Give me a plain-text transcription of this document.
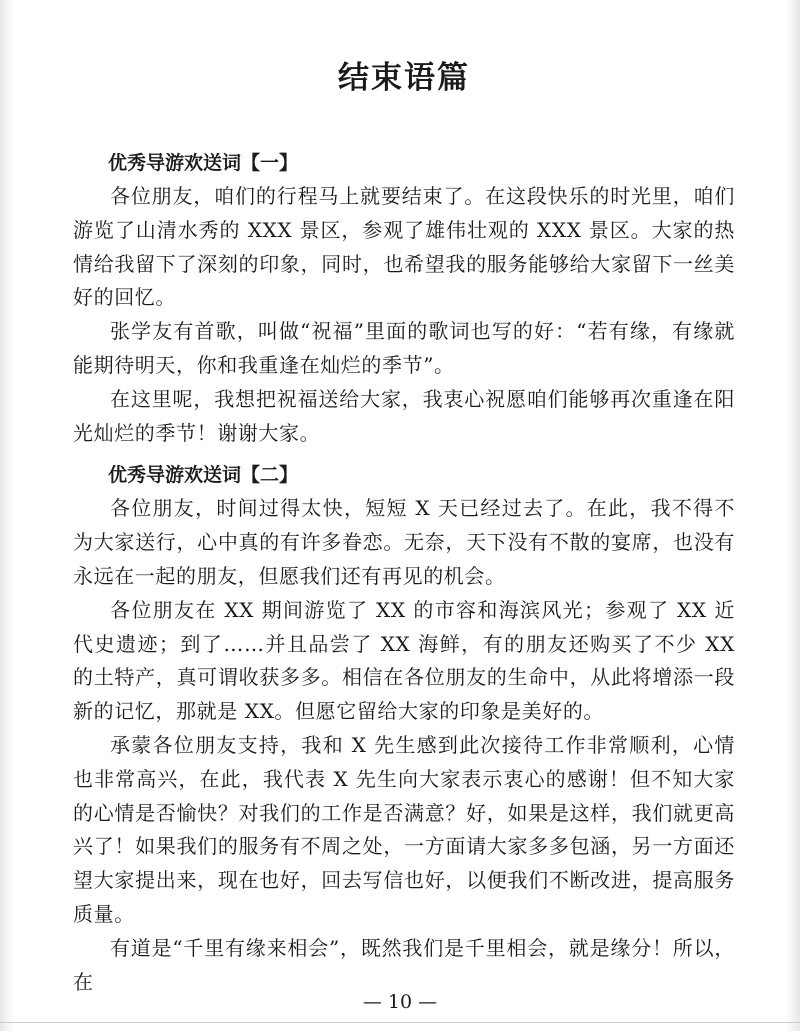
结束语篇
优秀导游欢送词【一】

各位朋友，咱们的行程马上就要结束了。在这段快乐的时光里，咱们游览了山清水秀的 XXX 景区，参观了雄伟壮观的 XXX 景区。大家的热情给我留下了深刻的印象，同时，也希望我的服务能够给大家留下一丝美好的回忆。

张学友有首歌，叫做“祝福”里面的歌词也写的好：“若有缘，有缘就能期待明天，你和我重逢在灿烂的季节”。

在这里呢，我想把祝福送给大家，我衷心祝愿咱们能够再次重逢在阳光灿烂的季节！谢谢大家。

优秀导游欢送词【二】

各位朋友，时间过得太快，短短 X 天已经过去了。在此，我不得不为大家送行，心中真的有许多眷恋。无奈，天下没有不散的宴席，也没有永远在一起的朋友，但愿我们还有再见的机会。

各位朋友在 XX 期间游览了 XX 的市容和海滨风光；参观了 XX 近代史遗迹；到了……并且品尝了 XX 海鲜，有的朋友还购买了不少 XX 的土特产，真可谓收获多多。相信在各位朋友的生命中，从此将增添一段新的记忆，那就是 XX。但愿它留给大家的印象是美好的。

承蒙各位朋友支持，我和 X 先生感到此次接待工作非常顺利，心情也非常高兴，在此，我代表 X 先生向大家表示衷心的感谢！但不知大家的心情是否愉快？对我们的工作是否满意？好，如果是这样，我们就更高兴了！如果我们的服务有不周之处，一方面请大家多多包涵，另一方面还望大家提出来，现在也好，回去写信也好，以便我们不断改进，提高服务质量。

有道是“千里有缘来相会”，既然我们是千里相会，就是缘分！所以，在

— 10 —
